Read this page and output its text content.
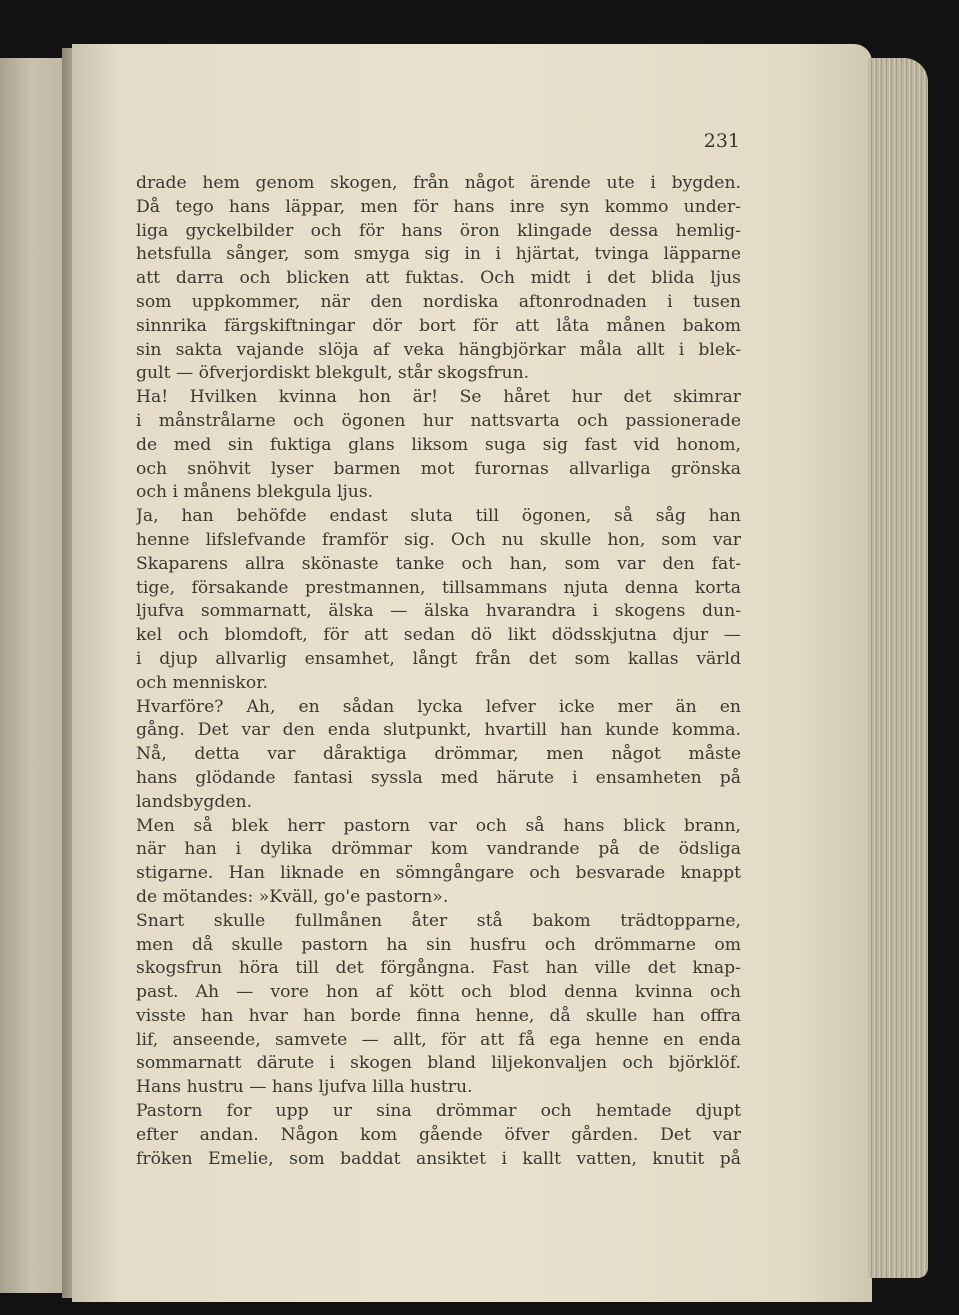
231
drade hem genom skogen, från något ärende ute i bygden.
Då tego hans läppar, men för hans inre syn kommo under-
liga gyckelbilder och för hans öron klingade dessa hemlig-
hetsfulla sånger, som smyga sig in i hjärtat, tvinga läpparne
att darra och blicken att fuktas. Och midt i det blida ljus
som uppkommer, när den nordiska aftonrodnaden i tusen
sinnrika färgskiftningar dör bort för att låta månen bakom
sin sakta vajande slöja af veka hängbjörkar måla allt i blek-
gult — öfverjordiskt blekgult, står skogsfrun.
Ha! Hvilken kvinna hon är! Se håret hur det skimrar
i månstrålarne och ögonen hur nattsvarta och passionerade
de med sin fuktiga glans liksom suga sig fast vid honom,
och snöhvit lyser barmen mot furornas allvarliga grönska
och i månens blekgula ljus.
Ja, han behöfde endast sluta till ögonen, så såg han
henne lifslefvande framför sig. Och nu skulle hon, som var
Skaparens allra skönaste tanke och han, som var den fat-
tige, försakande prestmannen, tillsammans njuta denna korta
ljufva sommarnatt, älska — älska hvarandra i skogens dun-
kel och blomdoft, för att sedan dö likt dödsskjutna djur —
i djup allvarlig ensamhet, långt från det som kallas värld
och menniskor.
Hvarföre? Ah, en sådan lycka lefver icke mer än en
gång. Det var den enda slutpunkt, hvartill han kunde komma.
Nå, detta var dåraktiga drömmar, men något måste
hans glödande fantasi syssla med härute i ensamheten på
landsbygden.
Men så blek herr pastorn var och så hans blick brann,
när han i dylika drömmar kom vandrande på de ödsliga
stigarne. Han liknade en sömngångare och besvarade knappt
de mötandes: »Kväll, go'e pastorn».
Snart skulle fullmånen åter stå bakom trädtopparne,
men då skulle pastorn ha sin husfru och drömmarne om
skogsfrun höra till det förgångna. Fast han ville det knap-
past. Ah — vore hon af kött och blod denna kvinna och
visste han hvar han borde finna henne, då skulle han offra
lif, anseende, samvete — allt, för att få ega henne en enda
sommarnatt därute i skogen bland liljekonvaljen och björklöf.
Hans hustru — hans ljufva lilla hustru.
Pastorn for upp ur sina drömmar och hemtade djupt
efter andan. Någon kom gående öfver gården. Det var
fröken Emelie, som baddat ansiktet i kallt vatten, knutit på
